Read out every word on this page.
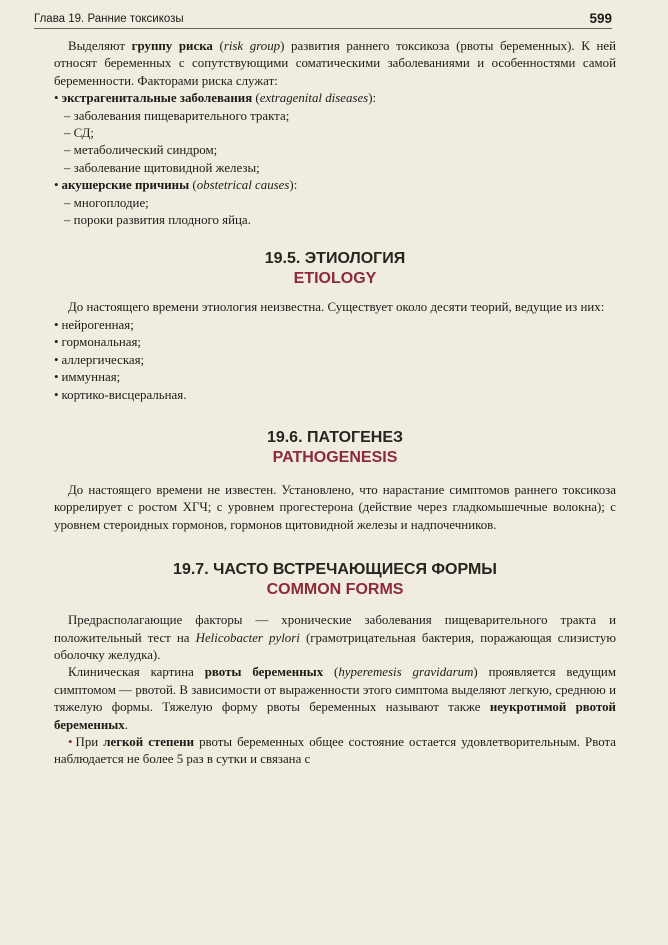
Глава 19. Ранние токсикозы	599

Выделяют группу риска (risk group) развития раннего токсикоза (рвоты беременных). К ней относят беременных с сопутствующими соматическими заболеваниями и особенностями самой беременности. Факторами риска служат:

• экстрагенитальные заболевания (extragenital diseases):
– заболевания пищеварительного тракта;
– СД;
– метаболический синдром;
– заболевание щитовидной железы;
• акушерские причины (obstetrical causes):
– многоплодие;
– пороки развития плодного яйца.
19.5. ЭТИОЛОГИЯ
ETIOLOGY

До настоящего времени этиология неизвестна. Существует около десяти теорий, ведущие из них:

• нейрогенная;
• гормональная;
• аллергическая;
• иммунная;
• кортико-висцеральная.
19.6. ПАТОГЕНЕЗ
PATHOGENESIS

До настоящего времени не известен. Установлено, что нарастание симптомов раннего токсикоза коррелирует с ростом ХГЧ; с уровнем прогестерона (действие через гладкомышечные волокна); с уровнем стероидных гормонов, гормонов щитовидной железы и надпочечников.

19.7. ЧАСТО ВСТРЕЧАЮЩИЕСЯ ФОРМЫ
COMMON FORMS

Предрасполагающие факторы — хронические заболевания пищеварительного тракта и положительный тест на Helicobacter pylori (грамотрицательная бактерия, поражающая слизистую оболочку желудка).

Клиническая картина рвоты беременных (hyperemesis gravidarum) проявляется ведущим симптомом — рвотой. В зависимости от выраженности этого симптома выделяют легкую, среднюю и тяжелую формы. Тяжелую форму рвоты беременных называют также неукротимой рвотой беременных.

• При легкой степени рвоты беременных общее состояние остается удовлетворительным. Рвота наблюдается не более 5 раз в сутки и связана с
